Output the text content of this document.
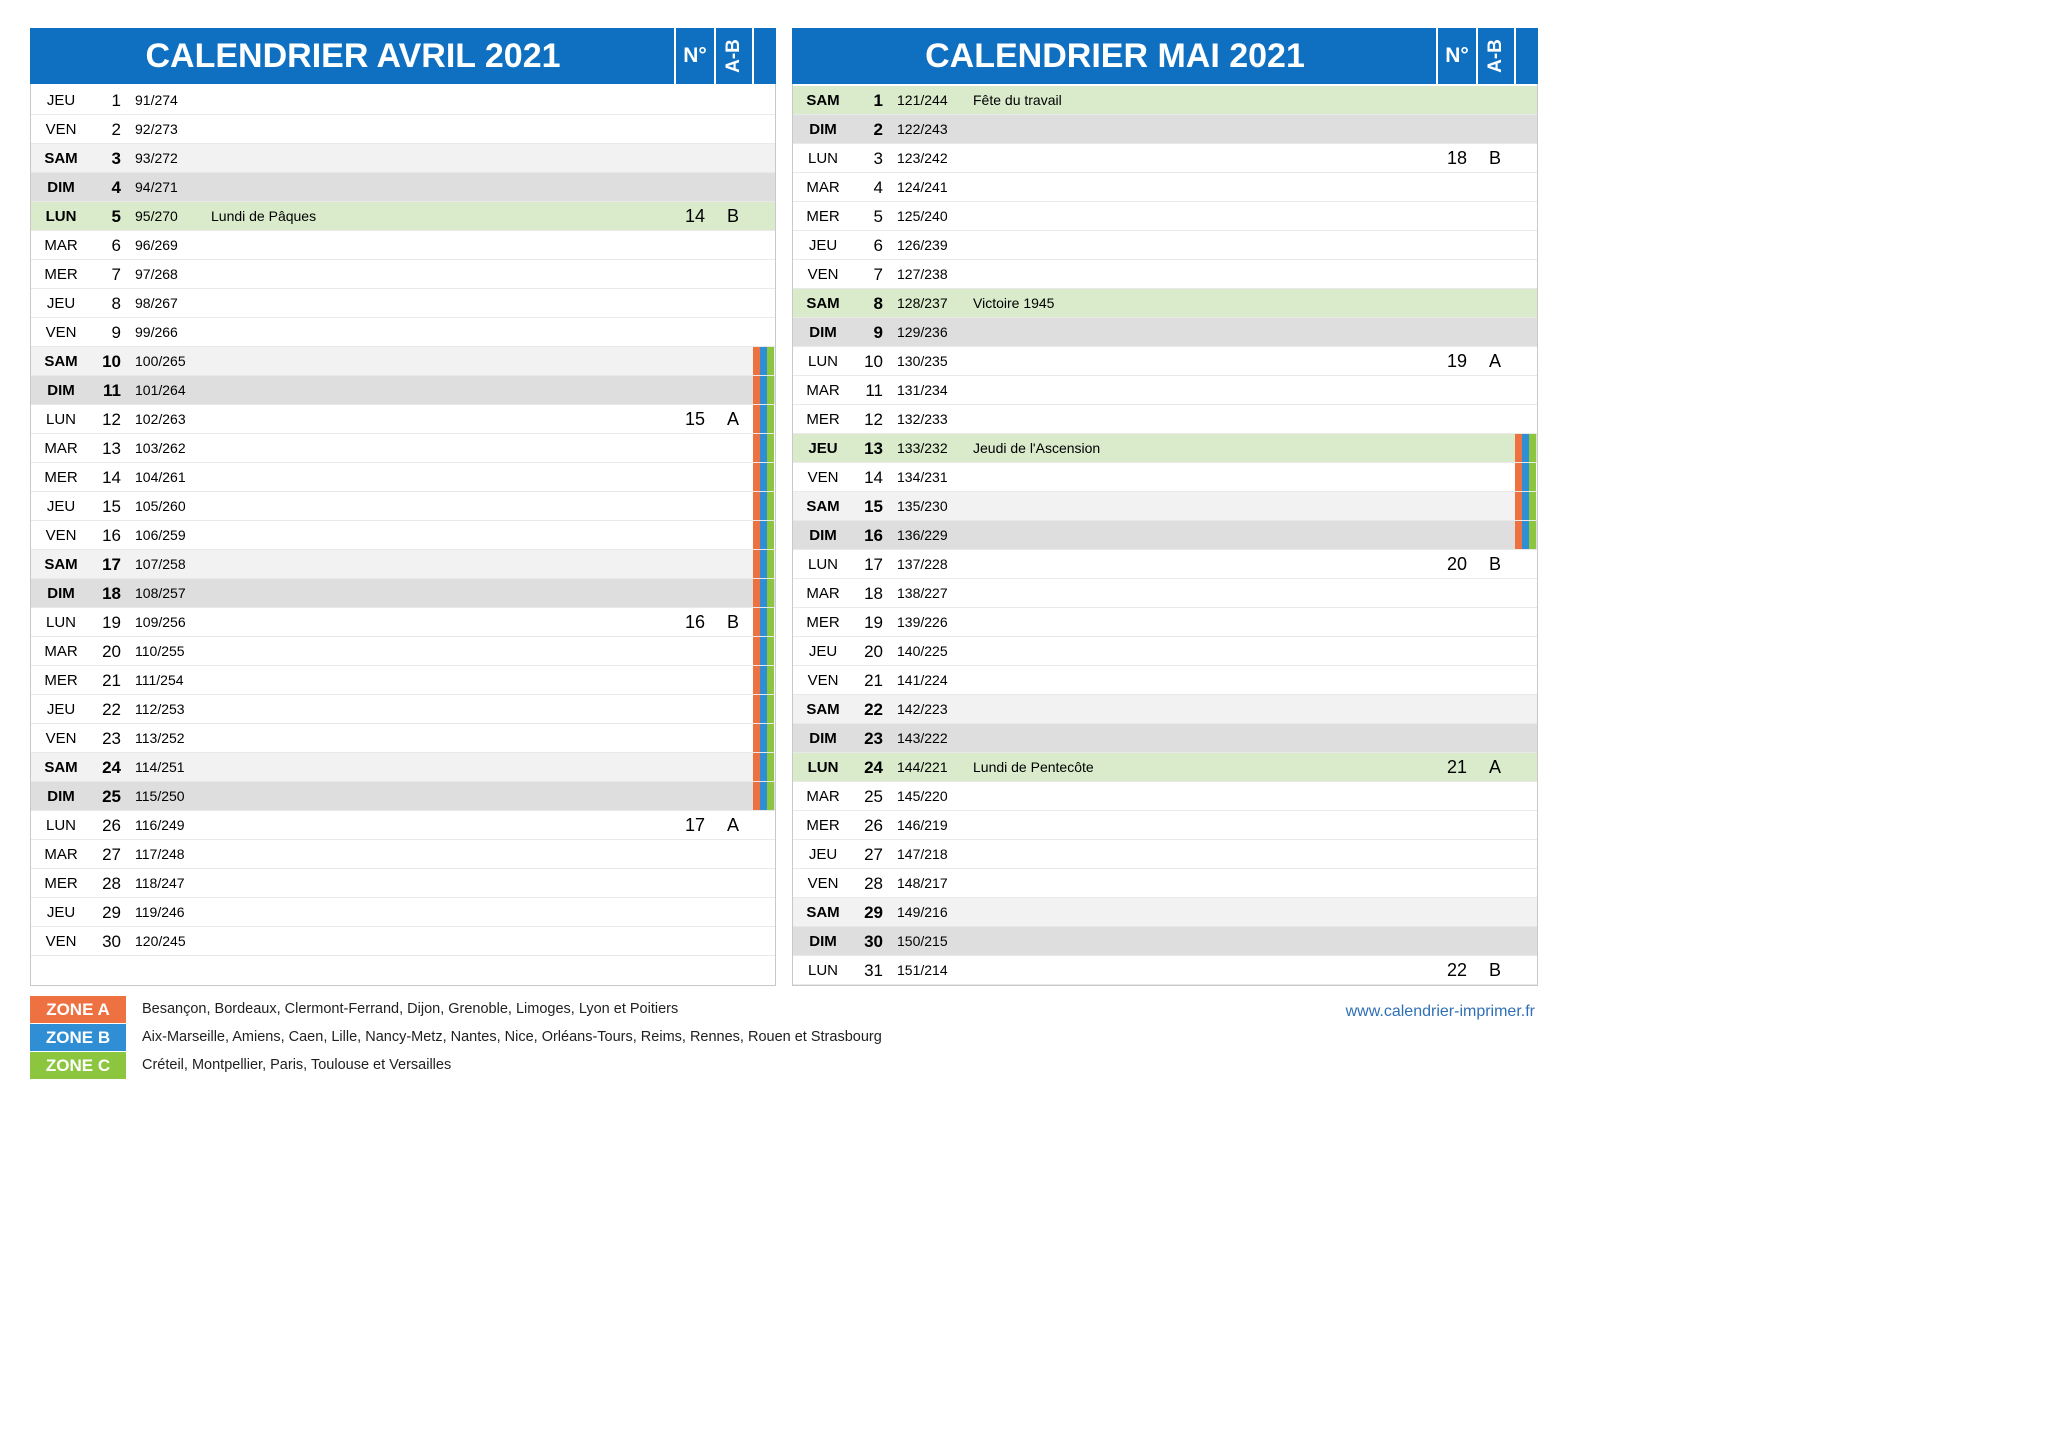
CALENDRIER AVRIL 2021	N° A-B
JEU	1 91/274
VEN	2 92/273
SAM	3 93/272
DIM	4 94/271
LUN	5 95/270 Lundi de Pâques	14	B
MAR	6 96/269
MER	7 97/268
JEU	8 98/267
VEN	9 99/266
SAM	10 100/265
DIM	11 101/264
LUN	12 102/263	15	A
MAR	13 103/262
MER	14 104/261
JEU	15 105/260
VEN	16 106/259
SAM	17 107/258
DIM	18 108/257
LUN	19 109/256	16	B
MAR	20 110/255
MER	21 111/254
JEU	22 112/253
VEN	23 113/252
SAM	24 114/251
DIM	25 115/250
LUN	26 116/249	17	A
MAR	27 117/248
MER	28 118/247
JEU	29 119/246
VEN	30 120/245
CALENDRIER MAI 2021	N° A-B
SAM	1 121/244 Fête du travail
DIM	2 122/243
LUN	3 123/242	18	B
MAR	4 124/241
MER	5 125/240
JEU	6 126/239
VEN	7 127/238
SAM	8 128/237 Victoire 1945
DIM	9 129/236
LUN	10 130/235	19	A
MAR	11 131/234
MER	12 132/233
JEU	13 133/232 Jeudi de l'Ascension
VEN	14 134/231
SAM	15 135/230
DIM	16 136/229
LUN	17 137/228	20	B
MAR	18 138/227
MER	19 139/226
JEU	20 140/225
VEN	21 141/224
SAM	22 142/223
DIM	23 143/222
LUN	24 144/221 Lundi de Pentecôte	21	A
MAR	25 145/220
MER	26 146/219
JEU	27 147/218
VEN	28 148/217
SAM	29 149/216
DIM	30 150/215
LUN	31 151/214	22	B
ZONE A	Besançon, Bordeaux, Clermont-Ferrand, Dijon, Grenoble, Limoges, Lyon et Poitiers
ZONE B	Aix-Marseille, Amiens, Caen, Lille, Nancy-Metz, Nantes, Nice, Orléans-Tours, Reims, Rennes, Rouen et Strasbourg
ZONE C	Créteil, Montpellier, Paris, Toulouse et Versailles
www.calendrier-imprimer.fr
